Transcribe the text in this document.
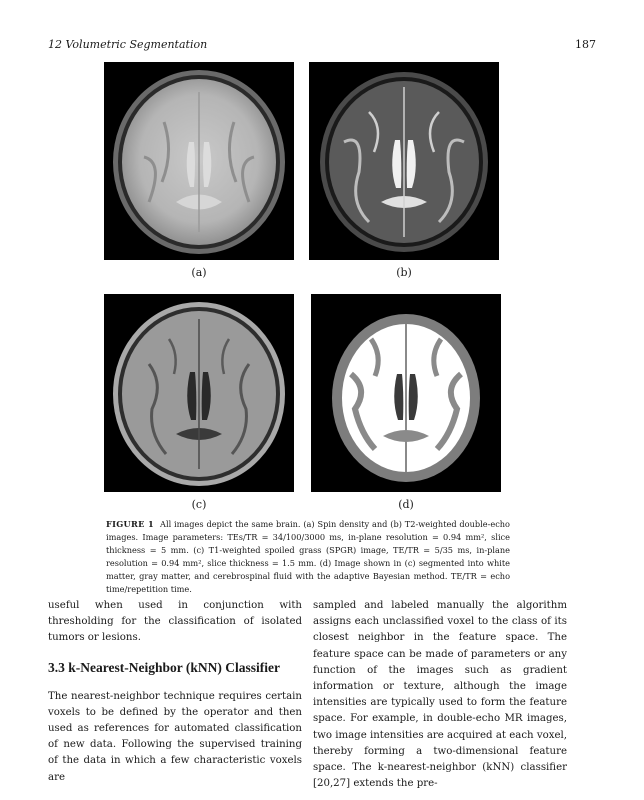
12 Volumetric Segmentation	187
(a)	(b)
(c)	(d)
FIGURE 1 All images depict the same brain. (a) Spin density and (b) T2-weighted double-echo images. Image parameters: TEs/TR = 34/100/3000 ms, in-plane resolution = 0.94 mm², slice thickness = 5 mm. (c) T1-weighted spoiled grass (SPGR) image, TE/TR = 5/35 ms, in-plane resolution = 0.94 mm², slice thickness = 1.5 mm. (d) Image shown in (c) segmented into white matter, gray matter, and cerebrospinal fluid with the adaptive Bayesian method. TE/TR = echo time/repetition time.

useful when used in conjunction with thresholding for the classification of isolated tumors or lesions.

3.3 k-Nearest-Neighbor (kNN) Classifier

The nearest-neighbor technique requires certain voxels to be defined by the operator and then used as references for automated classification of new data. Following the supervised training of the data in which a few characteristic voxels are

sampled and labeled manually the algorithm assigns each unclassified voxel to the class of its closest neighbor in the feature space. The feature space can be made of parameters or any function of the images such as gradient information or texture, although the image intensities are typically used to form the feature space. For example, in double-echo MR images, two image intensities are acquired at each voxel, thereby forming a two-dimensional feature space. The k-nearest-neighbor (kNN) classifier [20,27] extends the pre-
